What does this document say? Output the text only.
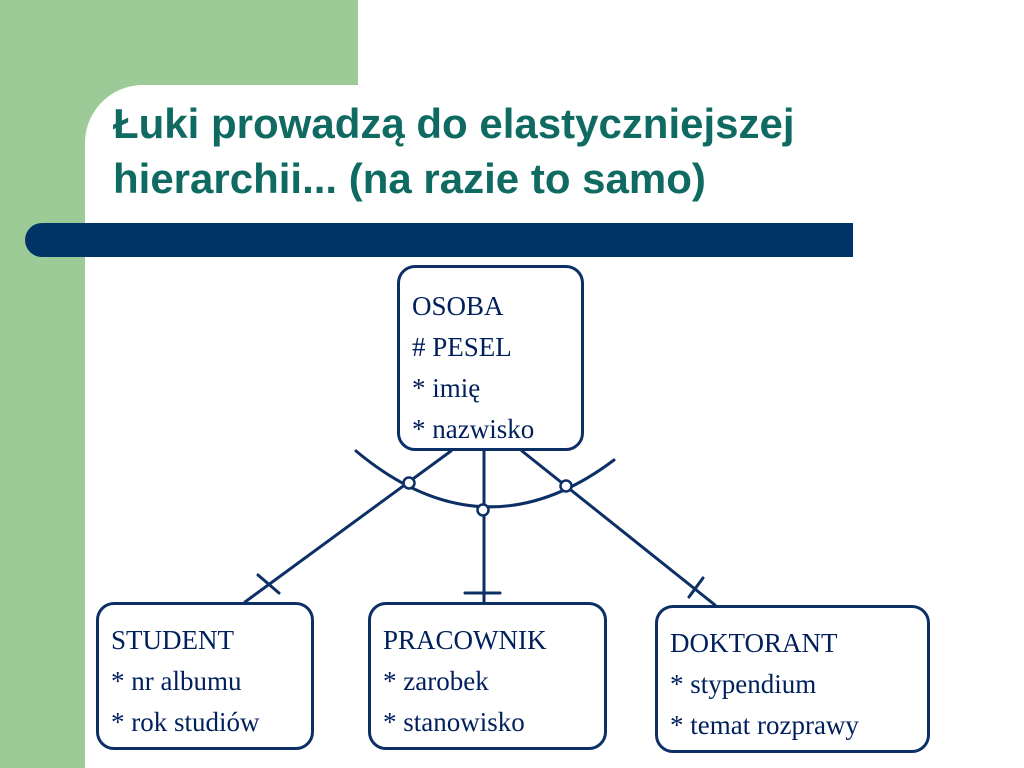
Łuki prowadzą do elastyczniejszej
hierarchii... (na razie to samo)
OSOBA
# PESEL
* imię
* nazwisko
STUDENT
* nr albumu
* rok studiów
PRACOWNIK
* zarobek
* stanowisko
DOKTORANT
* stypendium
* temat rozprawy
